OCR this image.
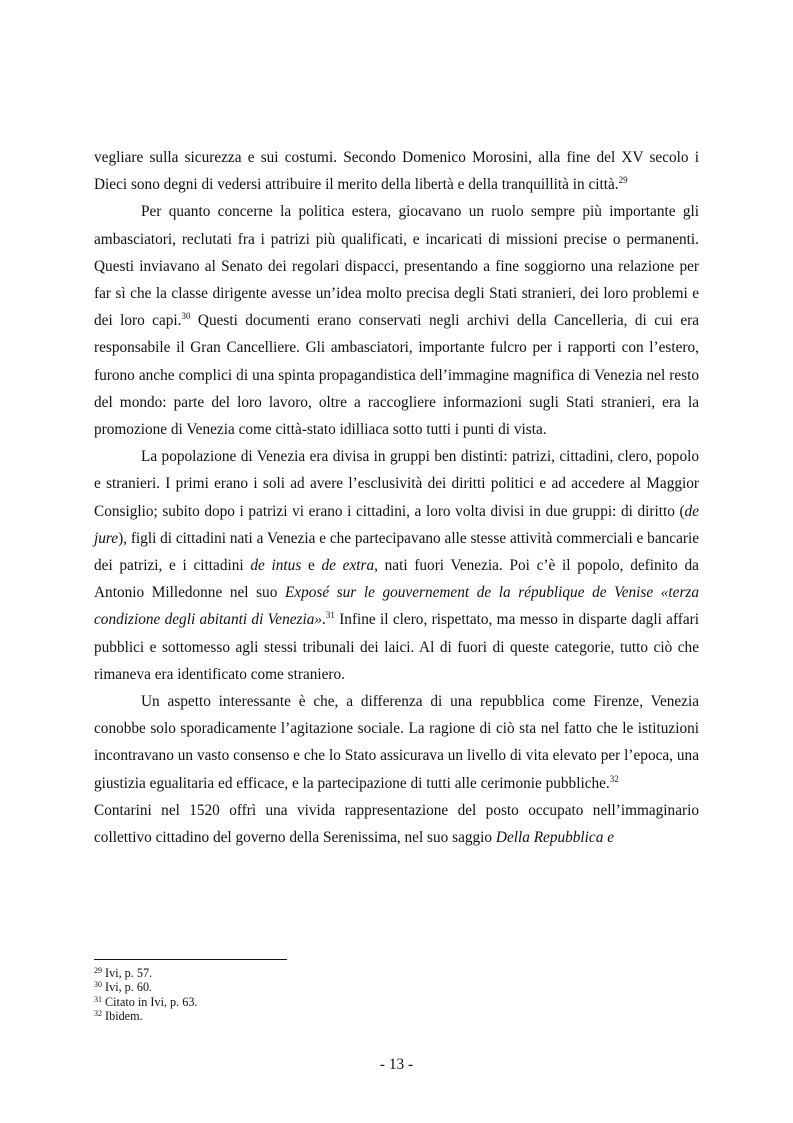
vegliare sulla sicurezza e sui costumi. Secondo Domenico Morosini, alla fine del XV secolo i Dieci sono degni di vedersi attribuire il merito della libertà e della tranquillità in città.$^{29}$

Per quanto concerne la politica estera, giocavano un ruolo sempre più importante gli ambasciatori, reclutati fra i patrizi più qualificati, e incaricati di missioni precise o permanenti. Questi inviavano al Senato dei regolari dispacci, presentando a fine soggiorno una relazione per far sì che la classe dirigente avesse un’idea molto precisa degli Stati stranieri, dei loro problemi e dei loro capi.$^{30}$ Questi documenti erano conservati negli archivi della Cancelleria, di cui era responsabile il Gran Cancelliere. Gli ambasciatori, importante fulcro per i rapporti con l’estero, furono anche complici di una spinta propagandistica dell’immagine magnifica di Venezia nel resto del mondo: parte del loro lavoro, oltre a raccogliere informazioni sugli Stati stranieri, era la promozione di Venezia come città-stato idilliaca sotto tutti i punti di vista.

La popolazione di Venezia era divisa in gruppi ben distinti: patrizi, cittadini, clero, popolo e stranieri. I primi erano i soli ad avere l’esclusività dei diritti politici e ad accedere al Maggior Consiglio; subito dopo i patrizi vi erano i cittadini, a loro volta divisi in due gruppi: di diritto (de jure), figli di cittadini nati a Venezia e che partecipavano alle stesse attività commerciali e bancarie dei patrizi, e i cittadini de intus e de extra, nati fuori Venezia. Poi c’è il popolo, definito da Antonio Milledonne nel suo Exposé sur le gouvernement de la république de Venise «terza condizione degli abitanti di Venezia».$^{31}$ Infine il clero, rispettato, ma messo in disparte dagli affari pubblici e sottomesso agli stessi tribunali dei laici. Al di fuori di queste categorie, tutto ciò che rimaneva era identificato come straniero.

Un aspetto interessante è che, a differenza di una repubblica come Firenze, Venezia conobbe solo sporadicamente l’agitazione sociale. La ragione di ciò sta nel fatto che le istituzioni incontravano un vasto consenso e che lo Stato assicurava un livello di vita elevato per l’epoca, una giustizia egualitaria ed efficace, e la partecipazione di tutti alle cerimonie pubbliche.$^{32}$

Contarini nel 1520 offrì una vivida rappresentazione del posto occupato nell’immaginario collettivo cittadino del governo della Serenissima, nel suo saggio Della Repubblica e

$^{29}$ Ivi, p. 57.
$^{30}$ Ivi, p. 60.
$^{31}$ Citato in Ivi, p. 63.
$^{32}$ Ibidem.
- 13 -
